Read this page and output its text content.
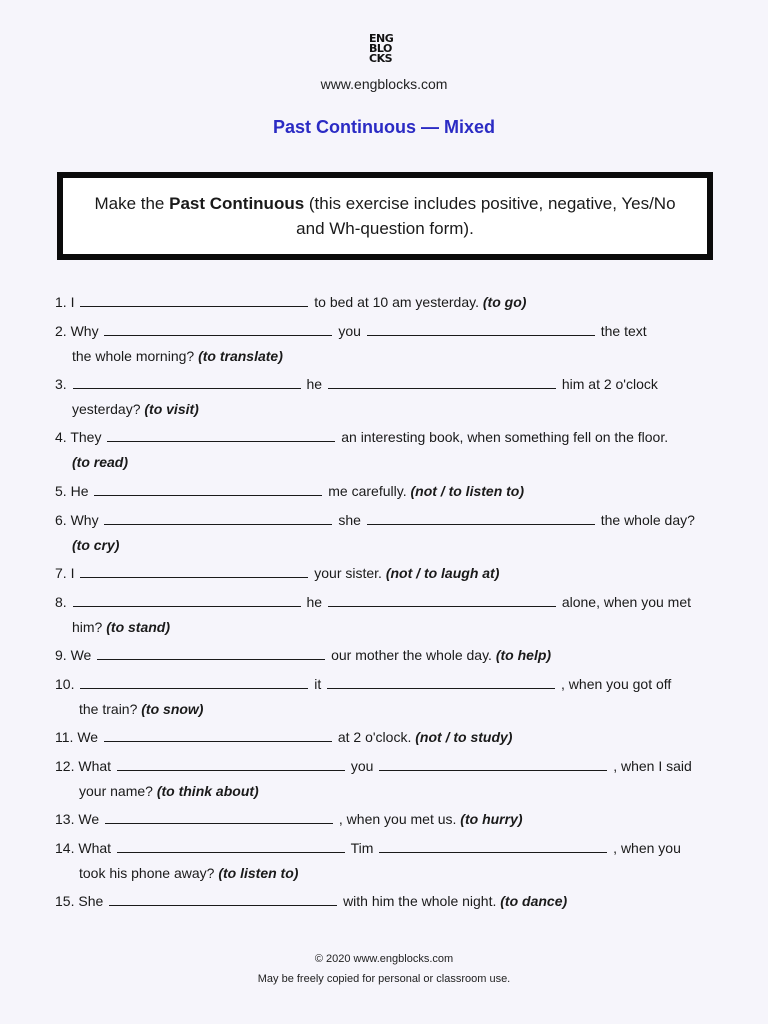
ENG
BLO
CKS
www.engblocks.com
Past Continuous — Mixed
Make the Past Continuous (this exercise includes positive, negative, Yes/No and Wh-question form).
1. I	to bed at 10 am yesterday. (to go)
2. Why	you	the text
the whole morning? (to translate)
3.	he	him at 2 o'clock
yesterday? (to visit)
4. They	an interesting book, when something fell on the floor.
(to read)
5. He	me carefully. (not / to listen to)
6. Why	she	the whole day?
(to cry)
7. I	your sister. (not / to laugh at)
8.	he	alone, when you met
him? (to stand)
9. We	our mother the whole day. (to help)
10.	it	, when you got off
the train? (to snow)
11. We	at 2 o'clock. (not / to study)
12. What	you	, when I said
your name? (to think about)
13. We	, when you met us. (to hurry)
14. What	Tim	, when you
took his phone away? (to listen to)
15. She	with him the whole night. (to dance)
© 2020 www.engblocks.com
May be freely copied for personal or classroom use.
